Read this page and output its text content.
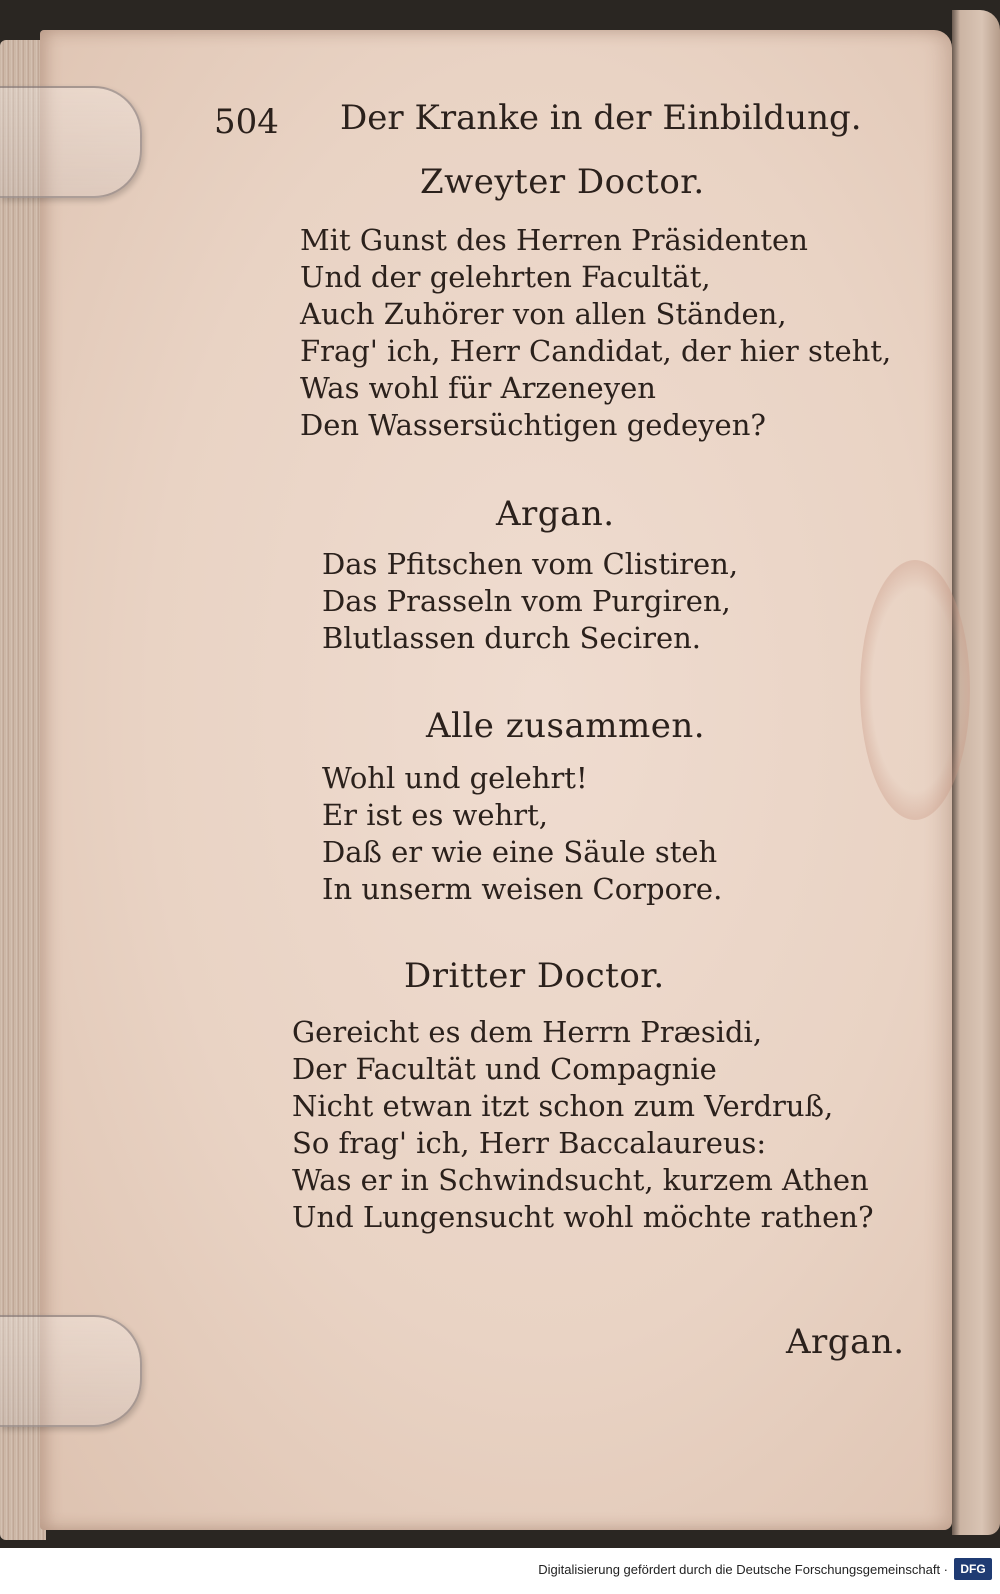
504 Der Kranke in der Einbildung.
Zweyter Doctor.
Mit Gunst des Herren Präsidenten
Und der gelehrten Facultät,
Auch Zuhörer von allen Ständen,
Frag' ich, Herr Candidat, der hier steht,
Was wohl für Arzeneyen
Den Wassersüchtigen gedeyen?
Argan.
Das Pfitschen vom Clistiren,
Das Prasseln vom Purgiren,
Blutlassen durch Seciren.
Alle zusammen.
Wohl und gelehrt!
Er ist es wehrt,
Daß er wie eine Säule steh
In unserm weisen Corpore.
Dritter Doctor.
Gereicht es dem Herrn Præsidi,
Der Facultät und Compagnie
Nicht etwan itzt schon zum Verdruß,
So frag' ich, Herr Baccalaureus:
Was er in Schwindsucht, kurzem Athen
Und Lungensucht wohl möchte rathen?
Argan.
Digitalisierung gefördert durch die Deutsche Forschungsgemeinschaft ·	DFG
